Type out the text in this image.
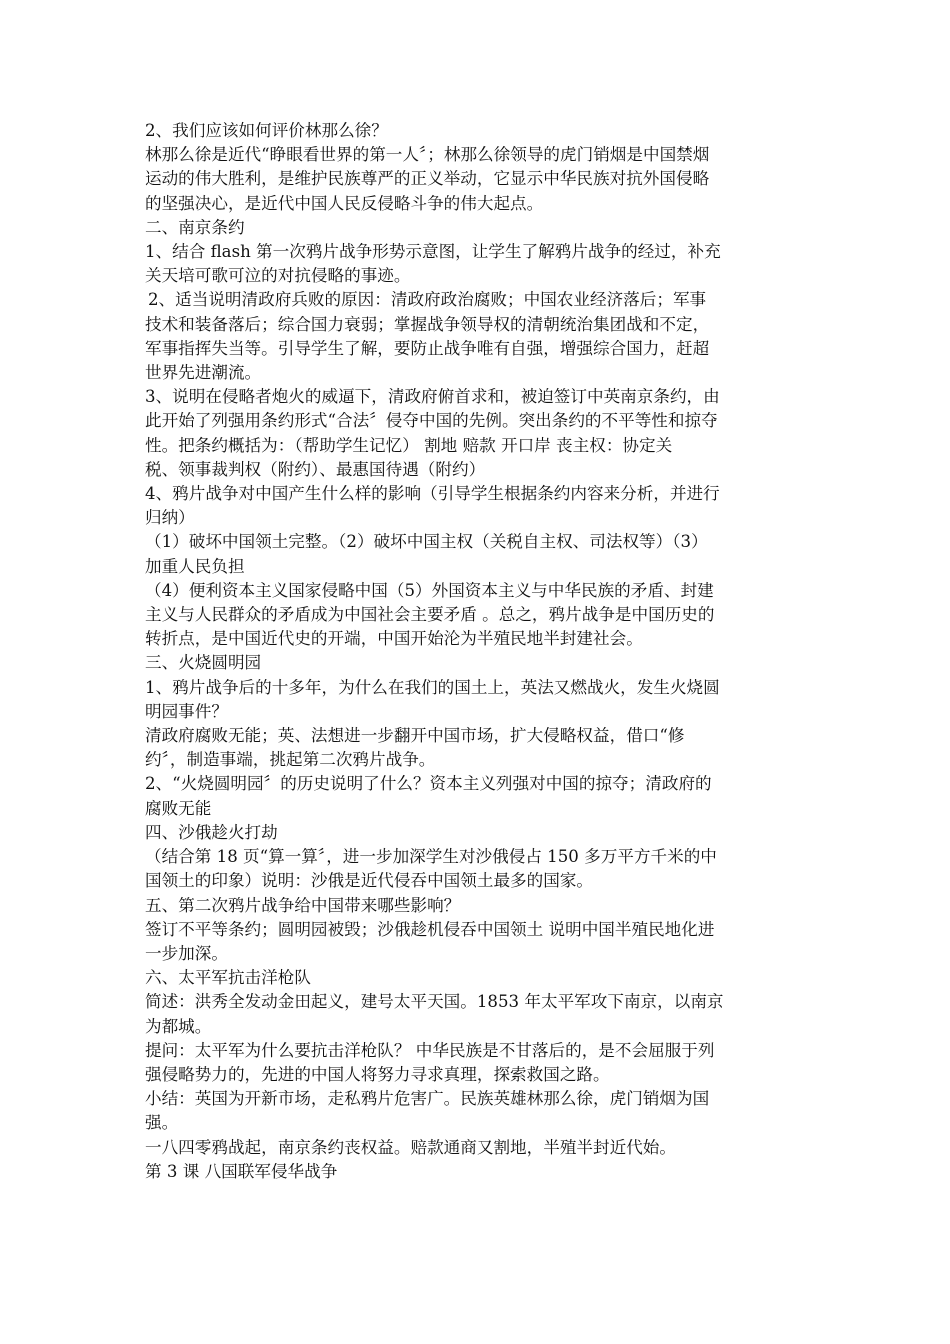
2、我们应该如何评价林那么徐？

林那么徐是近代“睁眼看世界的第一人〞；林那么徐领导的虎门销烟是中国禁烟

运动的伟大胜利，是维护民族尊严的正义举动，它显示中华民族对抗外国侵略

的坚强决心，是近代中国人民反侵略斗争的伟大起点。

二、南京条约

1、结合 flash 第一次鸦片战争形势示意图，让学生了解鸦片战争的经过，补充

关天培可歌可泣的对抗侵略的事迹。

2、适当说明清政府兵败的原因：清政府政治腐败；中国农业经济落后；军事

技术和装备落后；综合国力衰弱；掌握战争领导权的清朝统治集团战和不定，

军事指挥失当等。引导学生了解，要防止战争唯有自强，增强综合国力，赶超

世界先进潮流。

3、说明在侵略者炮火的威逼下，清政府俯首求和，被迫签订中英南京条约，由

此开始了列强用条约形式“合法〞侵夺中国的先例。突出条约的不平等性和掠夺

性。把条约概括为：（帮助学生记忆） 割地 赔款 开口岸 丧主权：协定关

税、领事裁判权（附约）、最惠国待遇（附约）

4、鸦片战争对中国产生什么样的影响（引导学生根据条约内容来分析，并进行

归纳）

（1）破坏中国领土完整。（2）破坏中国主权（关税自主权、司法权等）（3）

加重人民负担

（4）便利资本主义国家侵略中国（5）外国资本主义与中华民族的矛盾、封建

主义与人民群众的矛盾成为中国社会主要矛盾 。总之，鸦片战争是中国历史的

转折点，是中国近代史的开端，中国开始沦为半殖民地半封建社会。

三、火烧圆明园

1、鸦片战争后的十多年，为什么在我们的国土上，英法又燃战火，发生火烧圆

明园事件？

清政府腐败无能；英、法想进一步翻开中国市场，扩大侵略权益，借口“修

约〞，制造事端，挑起第二次鸦片战争。

2、“火烧圆明园〞的历史说明了什么？资本主义列强对中国的掠夺；清政府的

腐败无能

四、沙俄趁火打劫

（结合第 18 页“算一算〞，进一步加深学生对沙俄侵占 150 多万平方千米的中

国领土的印象）说明：沙俄是近代侵吞中国领土最多的国家。

五、第二次鸦片战争给中国带来哪些影响？

签订不平等条约；圆明园被毁；沙俄趁机侵吞中国领土 说明中国半殖民地化进

一步加深。

六、太平军抗击洋枪队

简述：洪秀全发动金田起义，建号太平天国。1853 年太平军攻下南京，以南京

为都城。

提问：太平军为什么要抗击洋枪队？ 中华民族是不甘落后的，是不会屈服于列

强侵略势力的，先进的中国人将努力寻求真理，探索救国之路。

小结：英国为开新市场，走私鸦片危害广。民族英雄林那么徐，虎门销烟为国

强。

一八四零鸦战起，南京条约丧权益。赔款通商又割地，半殖半封近代始。

第 3 课 八国联军侵华战争
